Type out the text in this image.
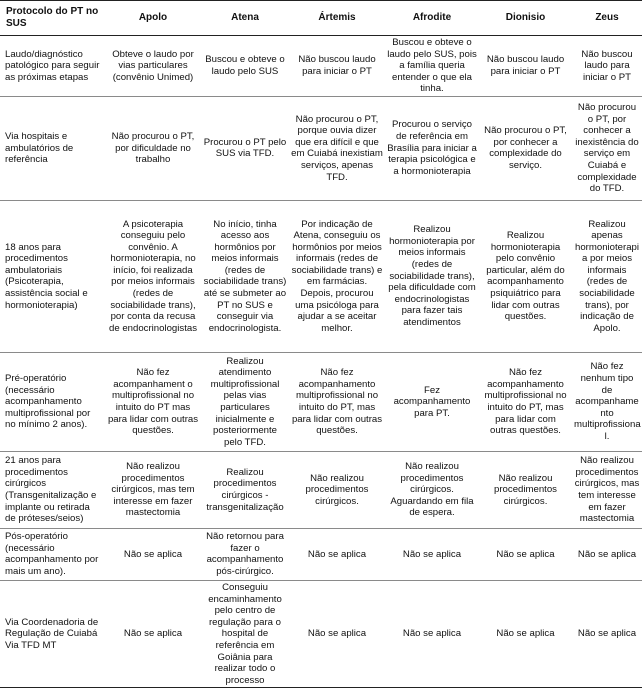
Protocolo do PT no SUS	Apolo	Atena	Ártemis	Afrodite	Dionisio	Zeus
Laudo/diagnóstico patológico para seguir as próximas etapas	Obteve o laudo por vias particulares (convênio Unimed)	Buscou e obteve o laudo pelo SUS	Não buscou laudo para iniciar o PT	Buscou e obteve o laudo pelo SUS, pois a família queria entender o que ela tinha.	Não buscou laudo para iniciar o PT	Não buscou laudo para iniciar o PT
Via hospitais e ambulatórios de referência	Não procurou o PT, por dificuldade no trabalho	Procurou o PT pelo SUS via TFD.	Não procurou o PT, porque ouvia dizer que era difícil e que em Cuiabá inexistiam serviços, apenas TFD.	Procurou o serviço de referência em Brasília para iniciar a terapia psicológica e a hormonioterapia	Não procurou o PT, por conhecer a complexidade do serviço.	Não procurou o PT, por conhecer a inexistência do serviço em Cuiabá e complexidade do TFD.
18 anos para procedimentos ambulatoriais (Psicoterapia, assistência social e hormonioterapia)	A psicoterapia conseguiu pelo convênio. A hormonioterapia, no início, foi realizada por meios informais (redes de sociabilidade trans), por conta da recusa de endocrinologistas	No início, tinha acesso aos hormônios por meios informais (redes de sociabilidade trans) até se submeter ao PT no SUS e conseguir via endocrinologista.	Por indicação de Atena, conseguiu os hormônios por meios informais (redes de sociabilidade trans) e em farmácias. Depois, procurou uma psicóloga para ajudar a se aceitar melhor.	Realizou hormonioterapia por meios informais (redes de sociabilidade trans), pela dificuldade com endocrinologistas para fazer tais atendimentos	Realizou hormonioterapia pelo convênio particular, além do acompanhamento psiquiátrico para lidar com outras questões.	Realizou apenas hormonioterapi a por meios informais (redes de sociabilidade trans), por indicação de Apolo.
Pré-operatório (necessário acompanhamento multiprofissional por no mínimo 2 anos).	Não fez acompanhament o multiprofissional no intuito do PT mas para lidar com outras questões.	Realizou atendimento multiprofissional pelas vias particulares inicialmente e posteriormente pelo TFD.	Não fez acompanhamento multiprofissional no intuito do PT, mas para lidar com outras questões.	Fez acompanhamento para PT.	Não fez acompanhamento multiprofissional no intuito do PT, mas para lidar com outras questões.	Não fez nenhum tipo de acompanhame nto multiprofissiona l.
21 anos para procedimentos cirúrgicos (Transgenitalização e implante ou retirada de próteses/seios)	Não realizou procedimentos cirúrgicos, mas tem interesse em fazer mastectomia	Realizou procedimentos cirúrgicos - transgenitalização	Não realizou procedimentos cirúrgicos.	Não realizou procedimentos cirúrgicos. Aguardando em fila de espera.	Não realizou procedimentos cirúrgicos.	Não realizou procedimentos cirúrgicos, mas tem interesse em fazer mastectomia
Pós-operatório (necessário acompanhamento por mais um ano).	Não se aplica	Não retornou para fazer o acompanhamento pós-cirúrgico.	Não se aplica	Não se aplica	Não se aplica	Não se aplica
Via Coordenadoria de Regulação de Cuiabá Via TFD MT	Não se aplica	Conseguiu encaminhamento pelo centro de regulação para o hospital de referência em Goiânia para realizar todo o processo	Não se aplica	Não se aplica	Não se aplica	Não se aplica
